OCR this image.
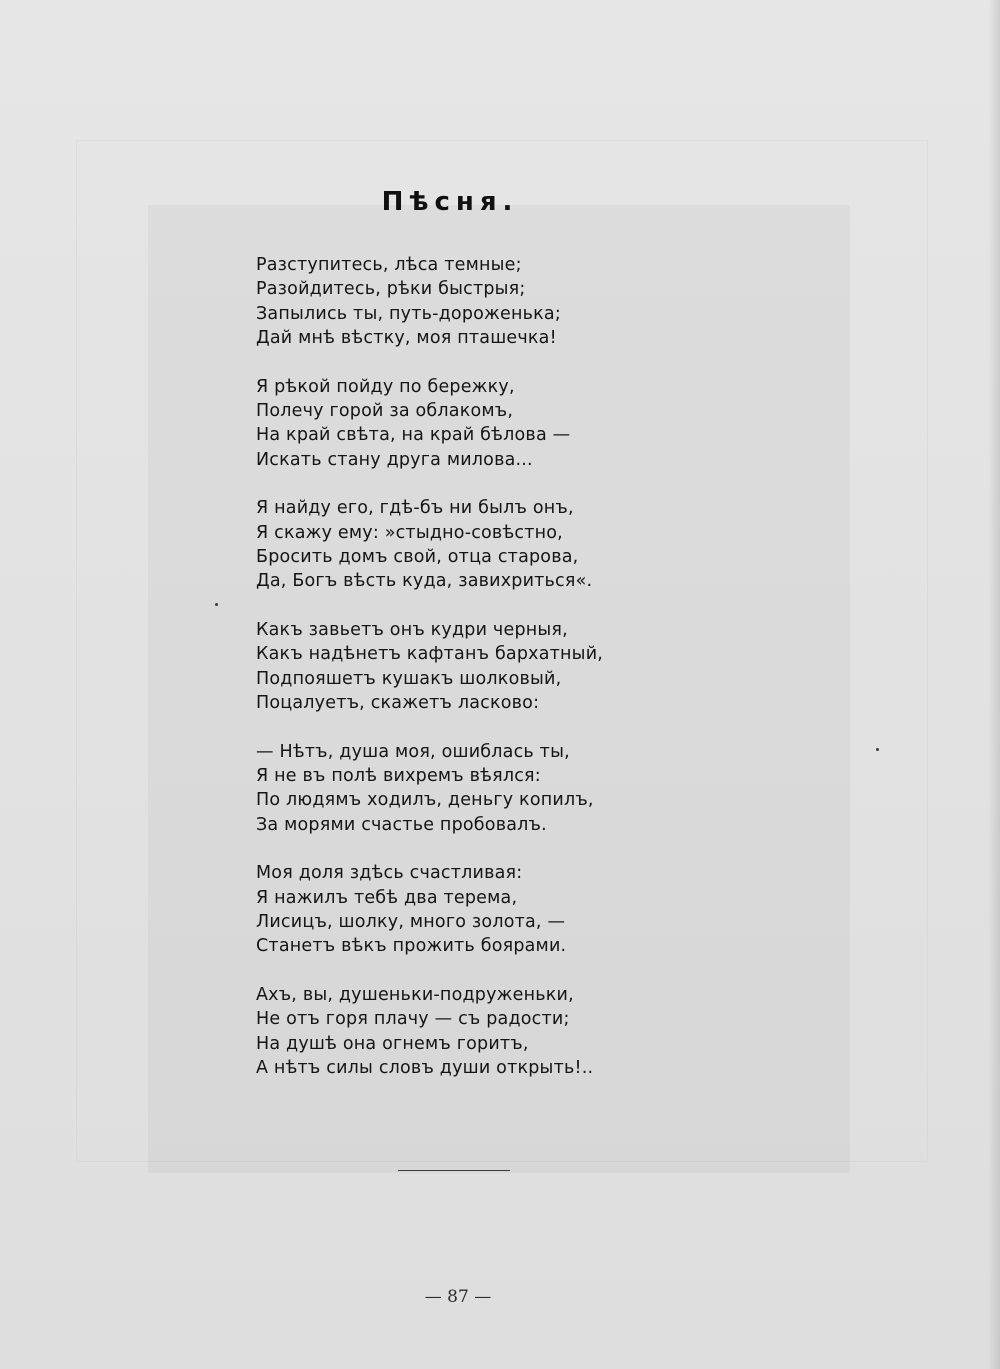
Пѣсня.
Разступитесь, лѣса темные;
Разойдитесь, рѣки быстрыя;
Запылись ты, путь-дороженька;
Дай мнѣ вѣстку, моя пташечка!
Я рѣкой пойду по бережку,
Полечу горой за облакомъ,
На край свѣта, на край бѣлова —
Искать стану друга милова...
Я найду его, гдѣ-бъ ни былъ онъ,
Я скажу ему: »стыдно-совѣстно,
Бросить домъ свой, отца старова,
Да, Богъ вѣсть куда, завихриться«.
Какъ завьетъ онъ кудри черныя,
Какъ надѣнетъ кафтанъ бархатный,
Подпояшетъ кушакъ шолковый,
Поцалуетъ, скажетъ ласково:
— Нѣтъ, душа моя, ошиблась ты,
Я не въ полѣ вихремъ вѣялся:
По людямъ ходилъ, деньгу копилъ,
За морями счастье пробовалъ.
Моя доля здѣсь счастливая:
Я нажилъ тебѣ два терема,
Лисицъ, шолку, много золота, —
Станетъ вѣкъ прожить боярами.
Ахъ, вы, душеньки-подруженьки,
Не отъ горя плачу — съ радости;
На душѣ она огнемъ горитъ,
А нѣтъ силы словъ души открыть!..
— 87 —
